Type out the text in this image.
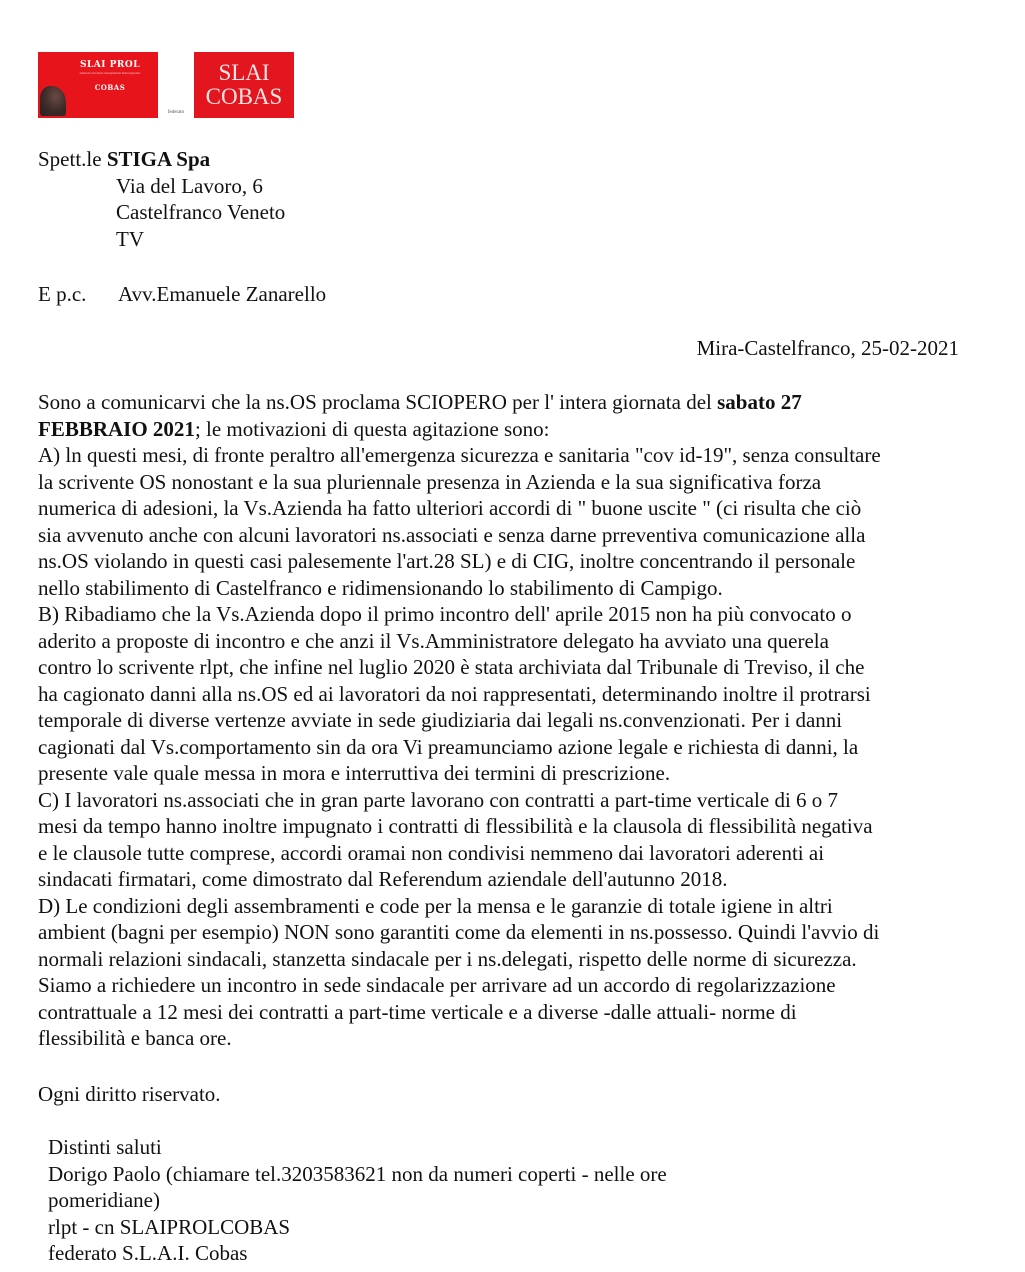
SLAI PROL
sindacato lavoratori autorganizzati intercategoriale
COBAS
federato
SLAI
COBAS
Spett.le STIGA Spa
Via del Lavoro, 6
Castelfranco Veneto
TV
E p.c. Avv.Emanuele Zanarello
Mira-Castelfranco, 25-02-2021
Sono a comunicarvi che la ns.OS proclama SCIOPERO per l' intera giornata del sabato 27
FEBBRAIO 2021; le motivazioni di questa agitazione sono:
A) ln questi mesi, di fronte peraltro all'emergenza sicurezza e sanitaria "cov id-19", senza consultare
la scrivente OS nonostant e la sua pluriennale presenza in Azienda e la sua significativa forza
numerica di adesioni, la Vs.Azienda ha fatto ulteriori accordi di " buone uscite " (ci risulta che ciò
sia avvenuto anche con alcuni lavoratori ns.associati e senza darne prreventiva comunicazione alla
ns.OS violando in questi casi palesemente l'art.28 SL) e di CIG, inoltre concentrando il personale
nello stabilimento di Castelfranco e ridimensionando lo stabilimento di Campigo.
B) Ribadiamo che la Vs.Azienda dopo il primo incontro dell' aprile 2015 non ha più convocato o
aderito a proposte di incontro e che anzi il Vs.Amministratore delegato ha avviato una querela
contro lo scrivente rlpt, che infine nel luglio 2020 è stata archiviata dal Tribunale di Treviso, il che
ha cagionato danni alla ns.OS ed ai lavoratori da noi rappresentati, determinando inoltre il protrarsi
temporale di diverse vertenze avviate in sede giudiziaria dai legali ns.convenzionati. Per i danni
cagionati dal Vs.comportamento sin da ora Vi preamunciamo azione legale e richiesta di danni, la
presente vale quale messa in mora e interruttiva dei termini di prescrizione.
C) I lavoratori ns.associati che in gran parte lavorano con contratti a part-time verticale di 6 o 7
mesi da tempo hanno inoltre impugnato i contratti di flessibilità e la clausola di flessibilità negativa
e le clausole tutte comprese, accordi oramai non condivisi nemmeno dai lavoratori aderenti ai
sindacati firmatari, come dimostrato dal Referendum aziendale dell'autunno 2018.
D) Le condizioni degli assembramenti e code per la mensa e le garanzie di totale igiene in altri
ambient (bagni per esempio) NON sono garantiti come da elementi in ns.possesso. Quindi l'avvio di
normali relazioni sindacali, stanzetta sindacale per i ns.delegati, rispetto delle norme di sicurezza.
Siamo a richiedere un incontro in sede sindacale per arrivare ad un accordo di regolarizzazione
contrattuale a 12 mesi dei contratti a part-time verticale e a diverse -dalle attuali- norme di
flessibilità e banca ore.
Ogni diritto riservato.
Distinti saluti
Dorigo Paolo (chiamare tel.3203583621 non da numeri coperti - nelle ore
pomeridiane)
rlpt - cn SLAIPROLCOBAS
federato S.L.A.I. Cobas
